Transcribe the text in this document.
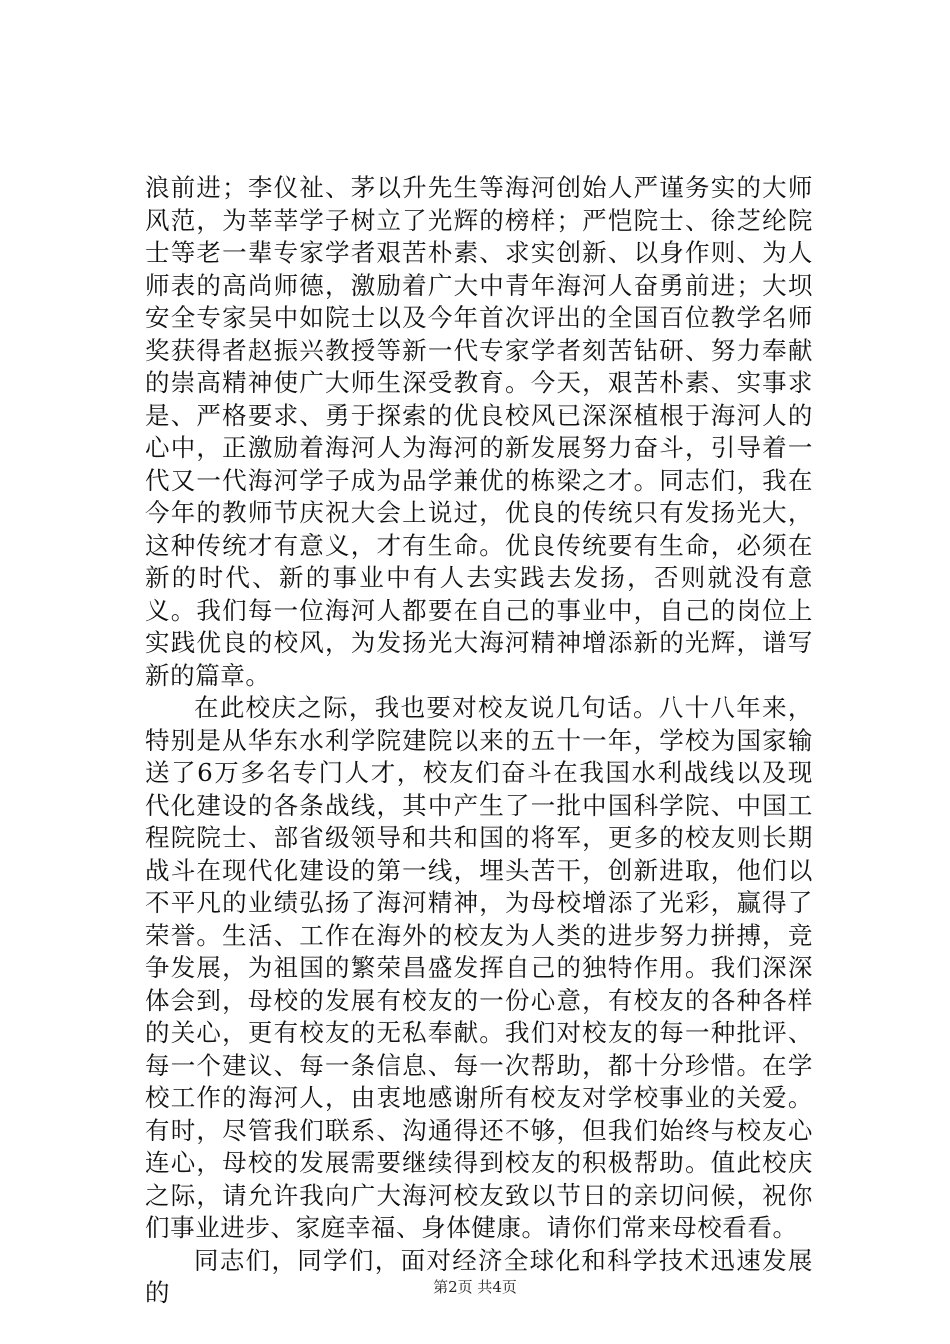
浪前进；李仪祉、茅以升先生等海河创始人严谨务实的大师风范，为莘莘学子树立了光辉的榜样；严恺院士、徐芝纶院士等老一辈专家学者艰苦朴素、求实创新、以身作则、为人师表的高尚师德，激励着广大中青年海河人奋勇前进；大坝安全专家吴中如院士以及今年首次评出的全国百位教学名师奖获得者赵振兴教授等新一代专家学者刻苦钻研、努力奉献的崇高精神使广大师生深受教育。今天，艰苦朴素、实事求是、严格要求、勇于探索的优良校风已深深植根于海河人的心中，正激励着海河人为海河的新发展努力奋斗，引导着一代又一代海河学子成为品学兼优的栋梁之才。同志们，我在今年的教师节庆祝大会上说过，优良的传统只有发扬光大，这种传统才有意义，才有生命。优良传统要有生命，必须在新的时代、新的事业中有人去实践去发扬，否则就没有意义。我们每一位海河人都要在自己的事业中，自己的岗位上实践优良的校风，为发扬光大海河精神增添新的光辉，谱写新的篇章。

在此校庆之际，我也要对校友说几句话。八十八年来，特别是从华东水利学院建院以来的五十一年，学校为国家输送了6万多名专门人才，校友们奋斗在我国水利战线以及现代化建设的各条战线，其中产生了一批中国科学院、中国工程院院士、部省级领导和共和国的将军，更多的校友则长期战斗在现代化建设的第一线，埋头苦干，创新进取，他们以不平凡的业绩弘扬了海河精神，为母校增添了光彩，赢得了荣誉。生活、工作在海外的校友为人类的进步努力拼搏，竞争发展，为祖国的繁荣昌盛发挥自己的独特作用。我们深深体会到，母校的发展有校友的一份心意，有校友的各种各样的关心，更有校友的无私奉献。我们对校友的每一种批评、每一个建议、每一条信息、每一次帮助，都十分珍惜。在学校工作的海河人，由衷地感谢所有校友对学校事业的关爱。有时，尽管我们联系、沟通得还不够，但我们始终与校友心连心，母校的发展需要继续得到校友的积极帮助。值此校庆之际，请允许我向广大海河校友致以节日的亲切问候，祝你们事业进步、家庭幸福、身体健康。请你们常来母校看看。

同志们，同学们，面对经济全球化和科学技术迅速发展的	第2页 共4页
